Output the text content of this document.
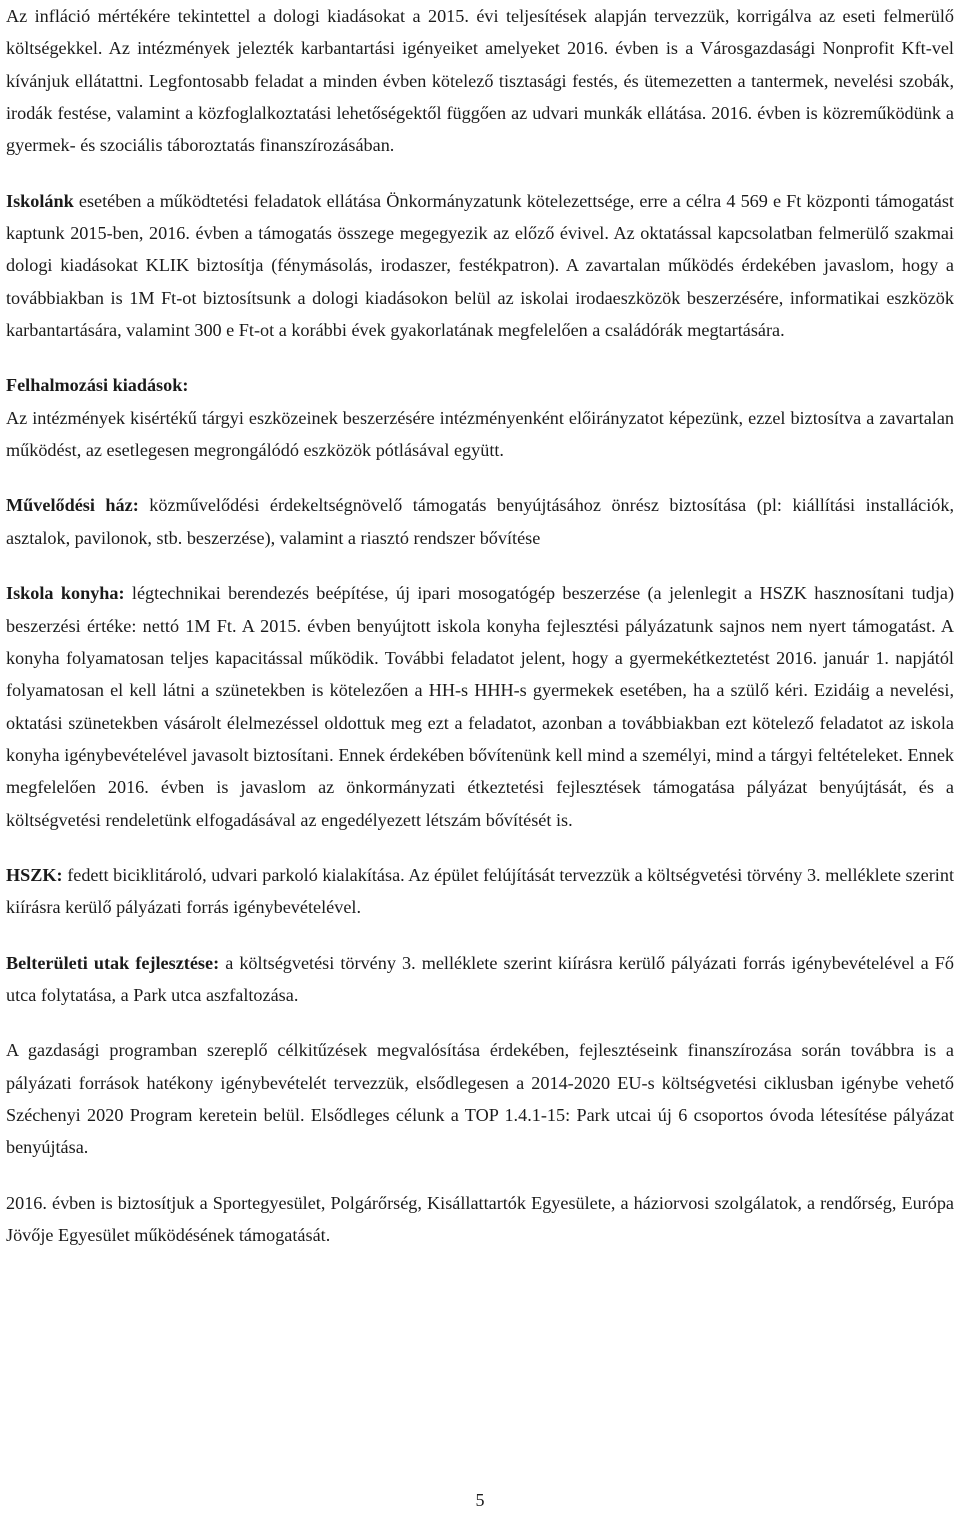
Az infláció mértékére tekintettel a dologi kiadásokat a 2015. évi teljesítések alapján tervezzük, korrigálva az eseti felmerülő költségekkel. Az intézmények jelezték karbantartási igényeiket amelyeket 2016. évben is a Városgazdasági Nonprofit Kft-vel kívánjuk ellátattni. Legfontosabb feladat a minden évben kötelező tisztasági festés, és ütemezetten a tantermek, nevelési szobák, irodák festése, valamint a közfoglalkoztatási lehetőségektől függően az udvari munkák ellátása. 2016. évben is közreműködünk a gyermek- és szociális táboroztatás finanszírozásában.

Iskolánk esetében a működtetési feladatok ellátása Önkormányzatunk kötelezettsége, erre a célra 4 569 e Ft központi támogatást kaptunk 2015-ben, 2016. évben a támogatás összege megegyezik az előző évivel. Az oktatással kapcsolatban felmerülő szakmai dologi kiadásokat KLIK biztosítja (fénymásolás, irodaszer, festékpatron). A zavartalan működés érdekében javaslom, hogy a továbbiakban is 1M Ft-ot biztosítsunk a dologi kiadásokon belül az iskolai irodaeszközök beszerzésére, informatikai eszközök karbantartására, valamint 300 e Ft-ot a korábbi évek gyakorlatának megfelelően a családórák megtartására.

Felhalmozási kiadások:
Az intézmények kisértékű tárgyi eszközeinek beszerzésére intézményenként előirányzatot képezünk, ezzel biztosítva a zavartalan működést, az esetlegesen megrongálódó eszközök pótlásával együtt.

Művelődési ház: közművelődési érdekeltségnövelő támogatás benyújtásához önrész biztosítása (pl: kiállítási installációk, asztalok, pavilonok, stb. beszerzése), valamint a riasztó rendszer bővítése

Iskola konyha: légtechnikai berendezés beépítése, új ipari mosogatógép beszerzése (a jelenlegit a HSZK hasznosítani tudja) beszerzési értéke: nettó 1M Ft. A 2015. évben benyújtott iskola konyha fejlesztési pályázatunk sajnos nem nyert támogatást. A konyha folyamatosan teljes kapacitással működik. További feladatot jelent, hogy a gyermekétkeztetést 2016. január 1. napjától folyamatosan el kell látni a szünetekben is kötelezően a HH-s HHH-s gyermekek esetében, ha a szülő kéri. Ezidáig a nevelési, oktatási szünetekben vásárolt élelmezéssel oldottuk meg ezt a feladatot, azonban a továbbiakban ezt kötelező feladatot az iskola konyha igénybevételével javasolt biztosítani. Ennek érdekében bővítenünk kell mind a személyi, mind a tárgyi feltételeket. Ennek megfelelően 2016. évben is javaslom az önkormányzati étkeztetési fejlesztések támogatása pályázat benyújtását, és a költségvetési rendeletünk elfogadásával az engedélyezett létszám bővítését is.

HSZK: fedett biciklitároló, udvari parkoló kialakítása. Az épület felújítását tervezzük a költségvetési törvény 3. melléklete szerint kiírásra kerülő pályázati forrás igénybevételével.

Belterületi utak fejlesztése: a költségvetési törvény 3. melléklete szerint kiírásra kerülő pályázati forrás igénybevételével a Fő utca folytatása, a Park utca aszfaltozása.

A gazdasági programban szereplő célkitűzések megvalósítása érdekében, fejlesztéseink finanszírozása során továbbra is a pályázati források hatékony igénybevételét tervezzük, elsődlegesen a 2014-2020 EU-s költségvetési ciklusban igénybe vehető Széchenyi 2020 Program keretein belül. Elsődleges célunk a TOP 1.4.1-15: Park utcai új 6 csoportos óvoda létesítése pályázat benyújtása.

2016. évben is biztosítjuk a Sportegyesület, Polgárőrség, Kisállattartók Egyesülete, a háziorvosi szolgálatok, a rendőrség, Európa Jövője Egyesület működésének támogatását.

5
